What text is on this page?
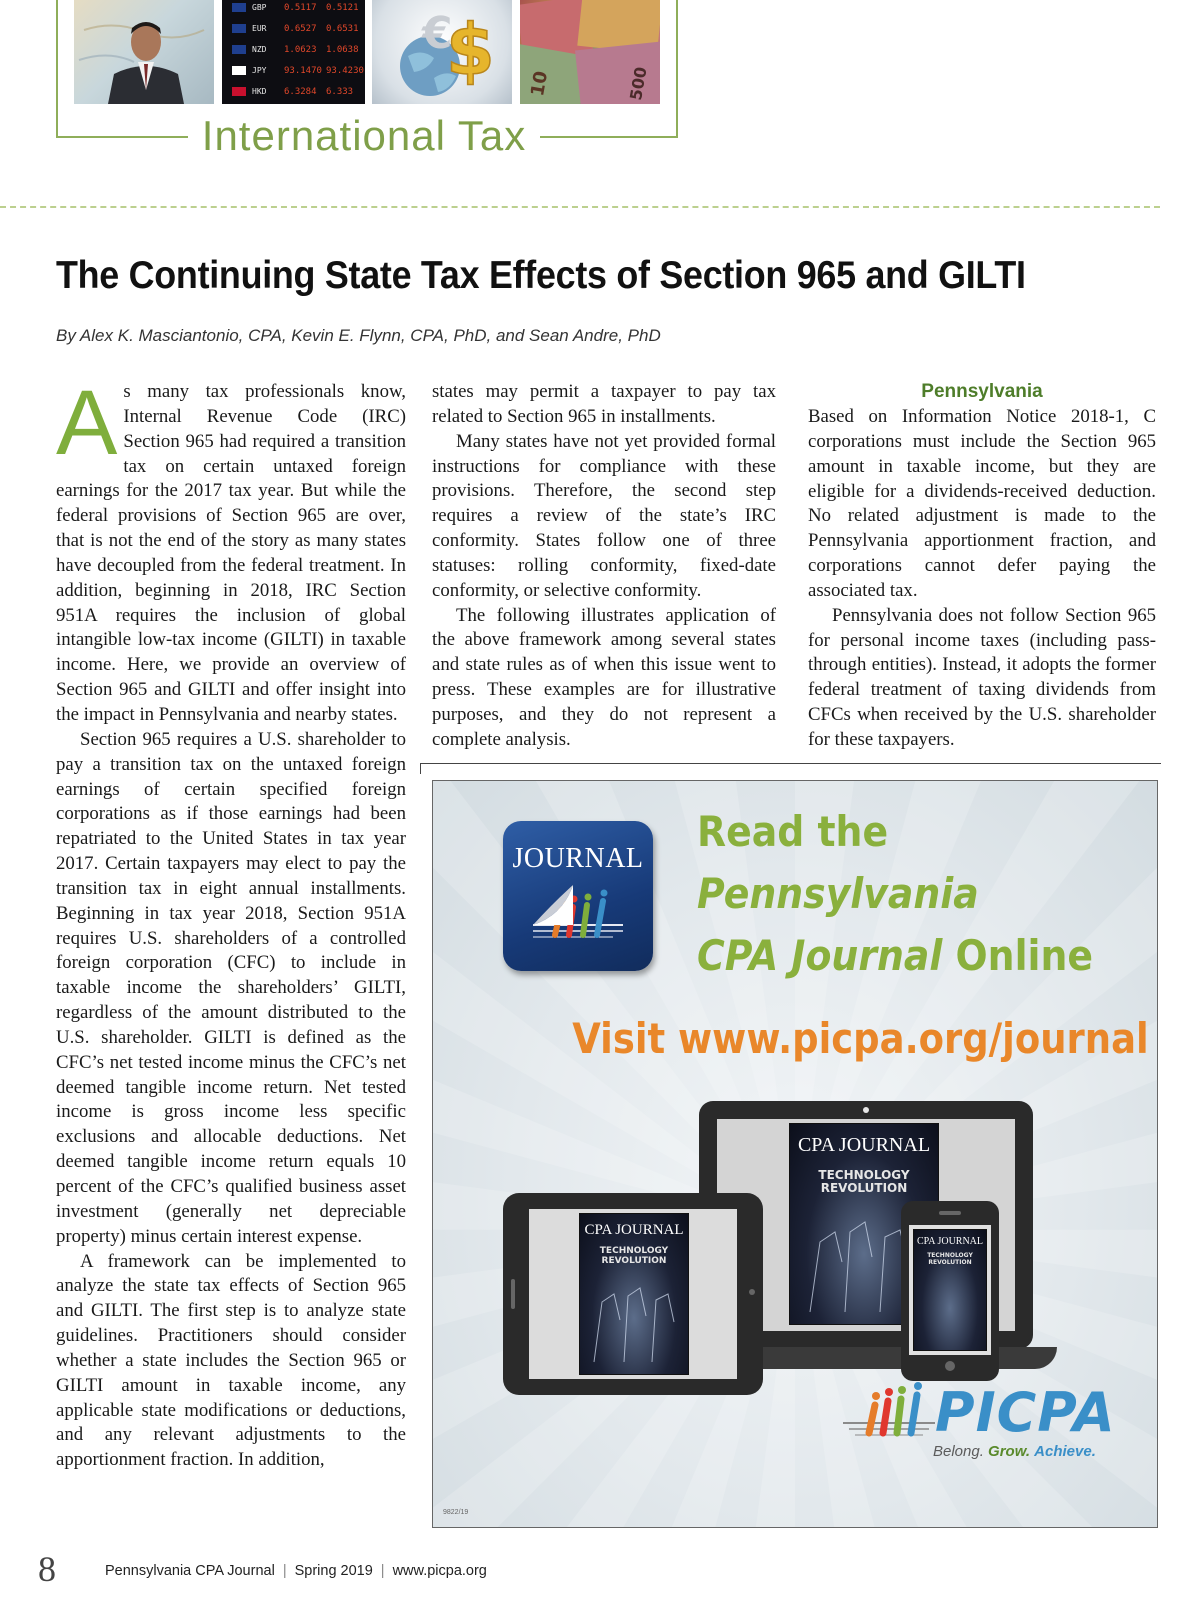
GBP 0.5117 0.5121
EUR 0.6527 0.6531
NZD 1.0623 1.0638
JPY 93.1470 93.4230
HKD 6.3284 6.333
€
$ 10	500
International Tax
The Continuing State Tax Effects of Section 965 and GILTI
By Alex K. Masciantonio, CPA, Kevin E. Flynn, CPA, PhD, and Sean Andre, PhD

As many tax professionals know, Internal Revenue Code (IRC) Section 965 had required a transition tax on certain untaxed foreign earnings for the 2017 tax year. But while the federal provisions of Section 965 are over, that is not the end of the story as many states have decoupled from the federal treatment. In addition, beginning in 2018, IRC Section 951A requires the inclusion of global intangible low-tax income (GILTI) in taxable income. Here, we provide an overview of Section 965 and GILTI and offer insight into the impact in Pennsylvania and nearby states.

Section 965 requires a U.S. shareholder to pay a transition tax on the untaxed foreign earnings of certain specified foreign corporations as if those earnings had been repatriated to the United States in tax year 2017. Certain taxpayers may elect to pay the transition tax in eight annual installments. Beginning in tax year 2018, Section 951A requires U.S. shareholders of a controlled foreign corporation (CFC) to include in taxable income the shareholders’ GILTI, regardless of the amount distributed to the U.S. shareholder. GILTI is defined as the CFC’s net tested income minus the CFC’s net deemed tangible income return. Net tested income is gross income less specific exclusions and allocable deductions. Net deemed tangible income return equals 10 percent of the CFC’s qualified business asset investment (generally net depreciable property) minus certain interest expense.

A framework can be implemented to analyze the state tax effects of Section 965 and GILTI. The first step is to analyze state guidelines. Practitioners should consider whether a state includes the Section 965 or GILTI amount in taxable income, any applicable state modifications or deductions, and any relevant adjustments to the apportionment fraction. In addition,

states may permit a taxpayer to pay tax related to Section 965 in installments.

Many states have not yet provided formal instructions for compliance with these provisions. Therefore, the second step requires a review of the state’s IRC conformity. States follow one of three statuses: rolling conformity, fixed-date conformity, or selective conformity.

The following illustrates application of the above framework among several states and state rules as of when this issue went to press. These examples are for illustrative purposes, and they do not represent a complete analysis.

Pennsylvania

Based on Information Notice 2018-1, C corporations must include the Section 965 amount in taxable income, but they are eligible for a dividends-received deduction. No related adjustment is made to the Pennsylvania apportionment fraction, and corporations cannot defer paying the associated tax.

Pennsylvania does not follow Section 965 for personal income taxes (including pass-through entities). Instead, it adopts the former federal treatment of taxing dividends from CFCs when received by the U.S. shareholder for these taxpayers.

JOURNAL
Read the
Pennsylvania
CPA Journal Online
Visit www.picpa.org/journal
CPA JOURNAL
TECHNOLOGY
REVOLUTION
CPA JOURNAL
TECHNOLOGY
REVOLUTION
CPA JOURNAL
TECHNOLOGY
REVOLUTION
PICPA
Belong. Grow. Achieve.
9822/19
8	Pennsylvania CPA Journal | Spring 2019 | www.picpa.org
